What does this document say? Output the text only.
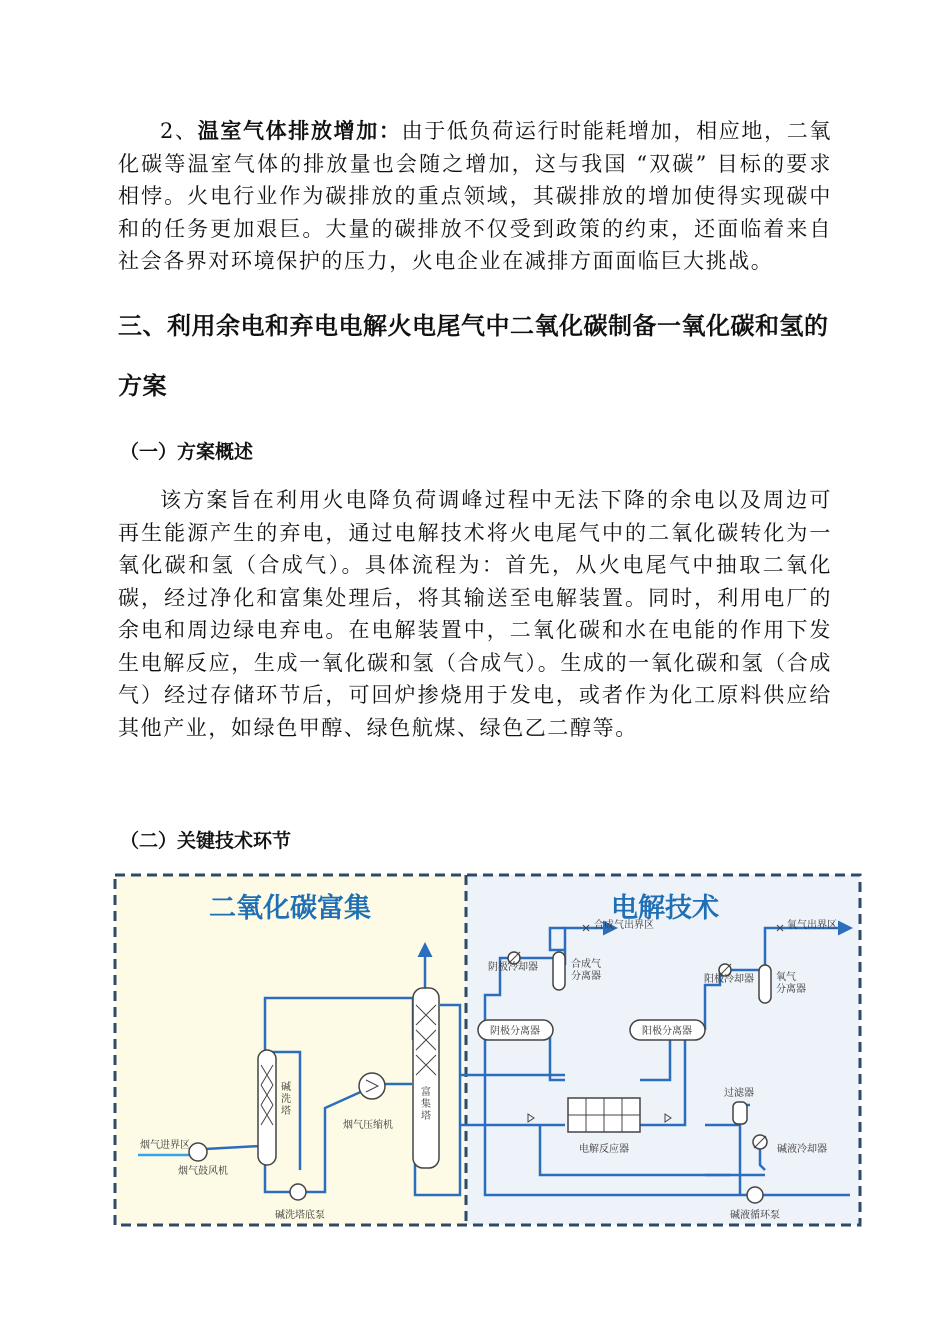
2、温室气体排放增加：由于低负荷运行时能耗增加，相应地，二氧化碳等温室气体的排放量也会随之增加，这与我国 “双碳” 目标的要求相悖。火电行业作为碳排放的重点领域，其碳排放的增加使得实现碳中和的任务更加艰巨。大量的碳排放不仅受到政策的约束，还面临着来自社会各界对环境保护的压力，火电企业在减排方面面临巨大挑战。

三、利用余电和弃电电解火电尾气中二氧化碳制备一氧化碳和氢的方案
（一）方案概述

该方案旨在利用火电降负荷调峰过程中无法下降的余电以及周边可再生能源产生的弃电，通过电解技术将火电尾气中的二氧化碳转化为一氧化碳和氢（合成气）。具体流程为：首先，从火电尾气中抽取二氧化碳，经过净化和富集处理后，将其输送至电解装置。同时，利用电厂的余电和周边绿电弃电。在电解装置中，二氧化碳和水在电能的作用下发生电解反应，生成一氧化碳和氢（合成气）。生成的一氧化碳和氢（合成气）经过存储环节后，可回炉掺烧用于发电，或者作为化工原料供应给其他产业，如绿色甲醇、绿色航煤、绿色乙二醇等。

（二）关键技术环节
二氧化碳富集	电解技术
烟气进界区
烟气鼓风机
碱洗塔
碱洗塔底泵
烟气压缩机
富集塔
合成气出界区
阴极冷却器	合成气分离器
阴极分离器
氧气出界区
阳极冷却器 氧气分离器
阳极分离器
电解反应器
过滤器
碱液冷却器
碱液循环泵
